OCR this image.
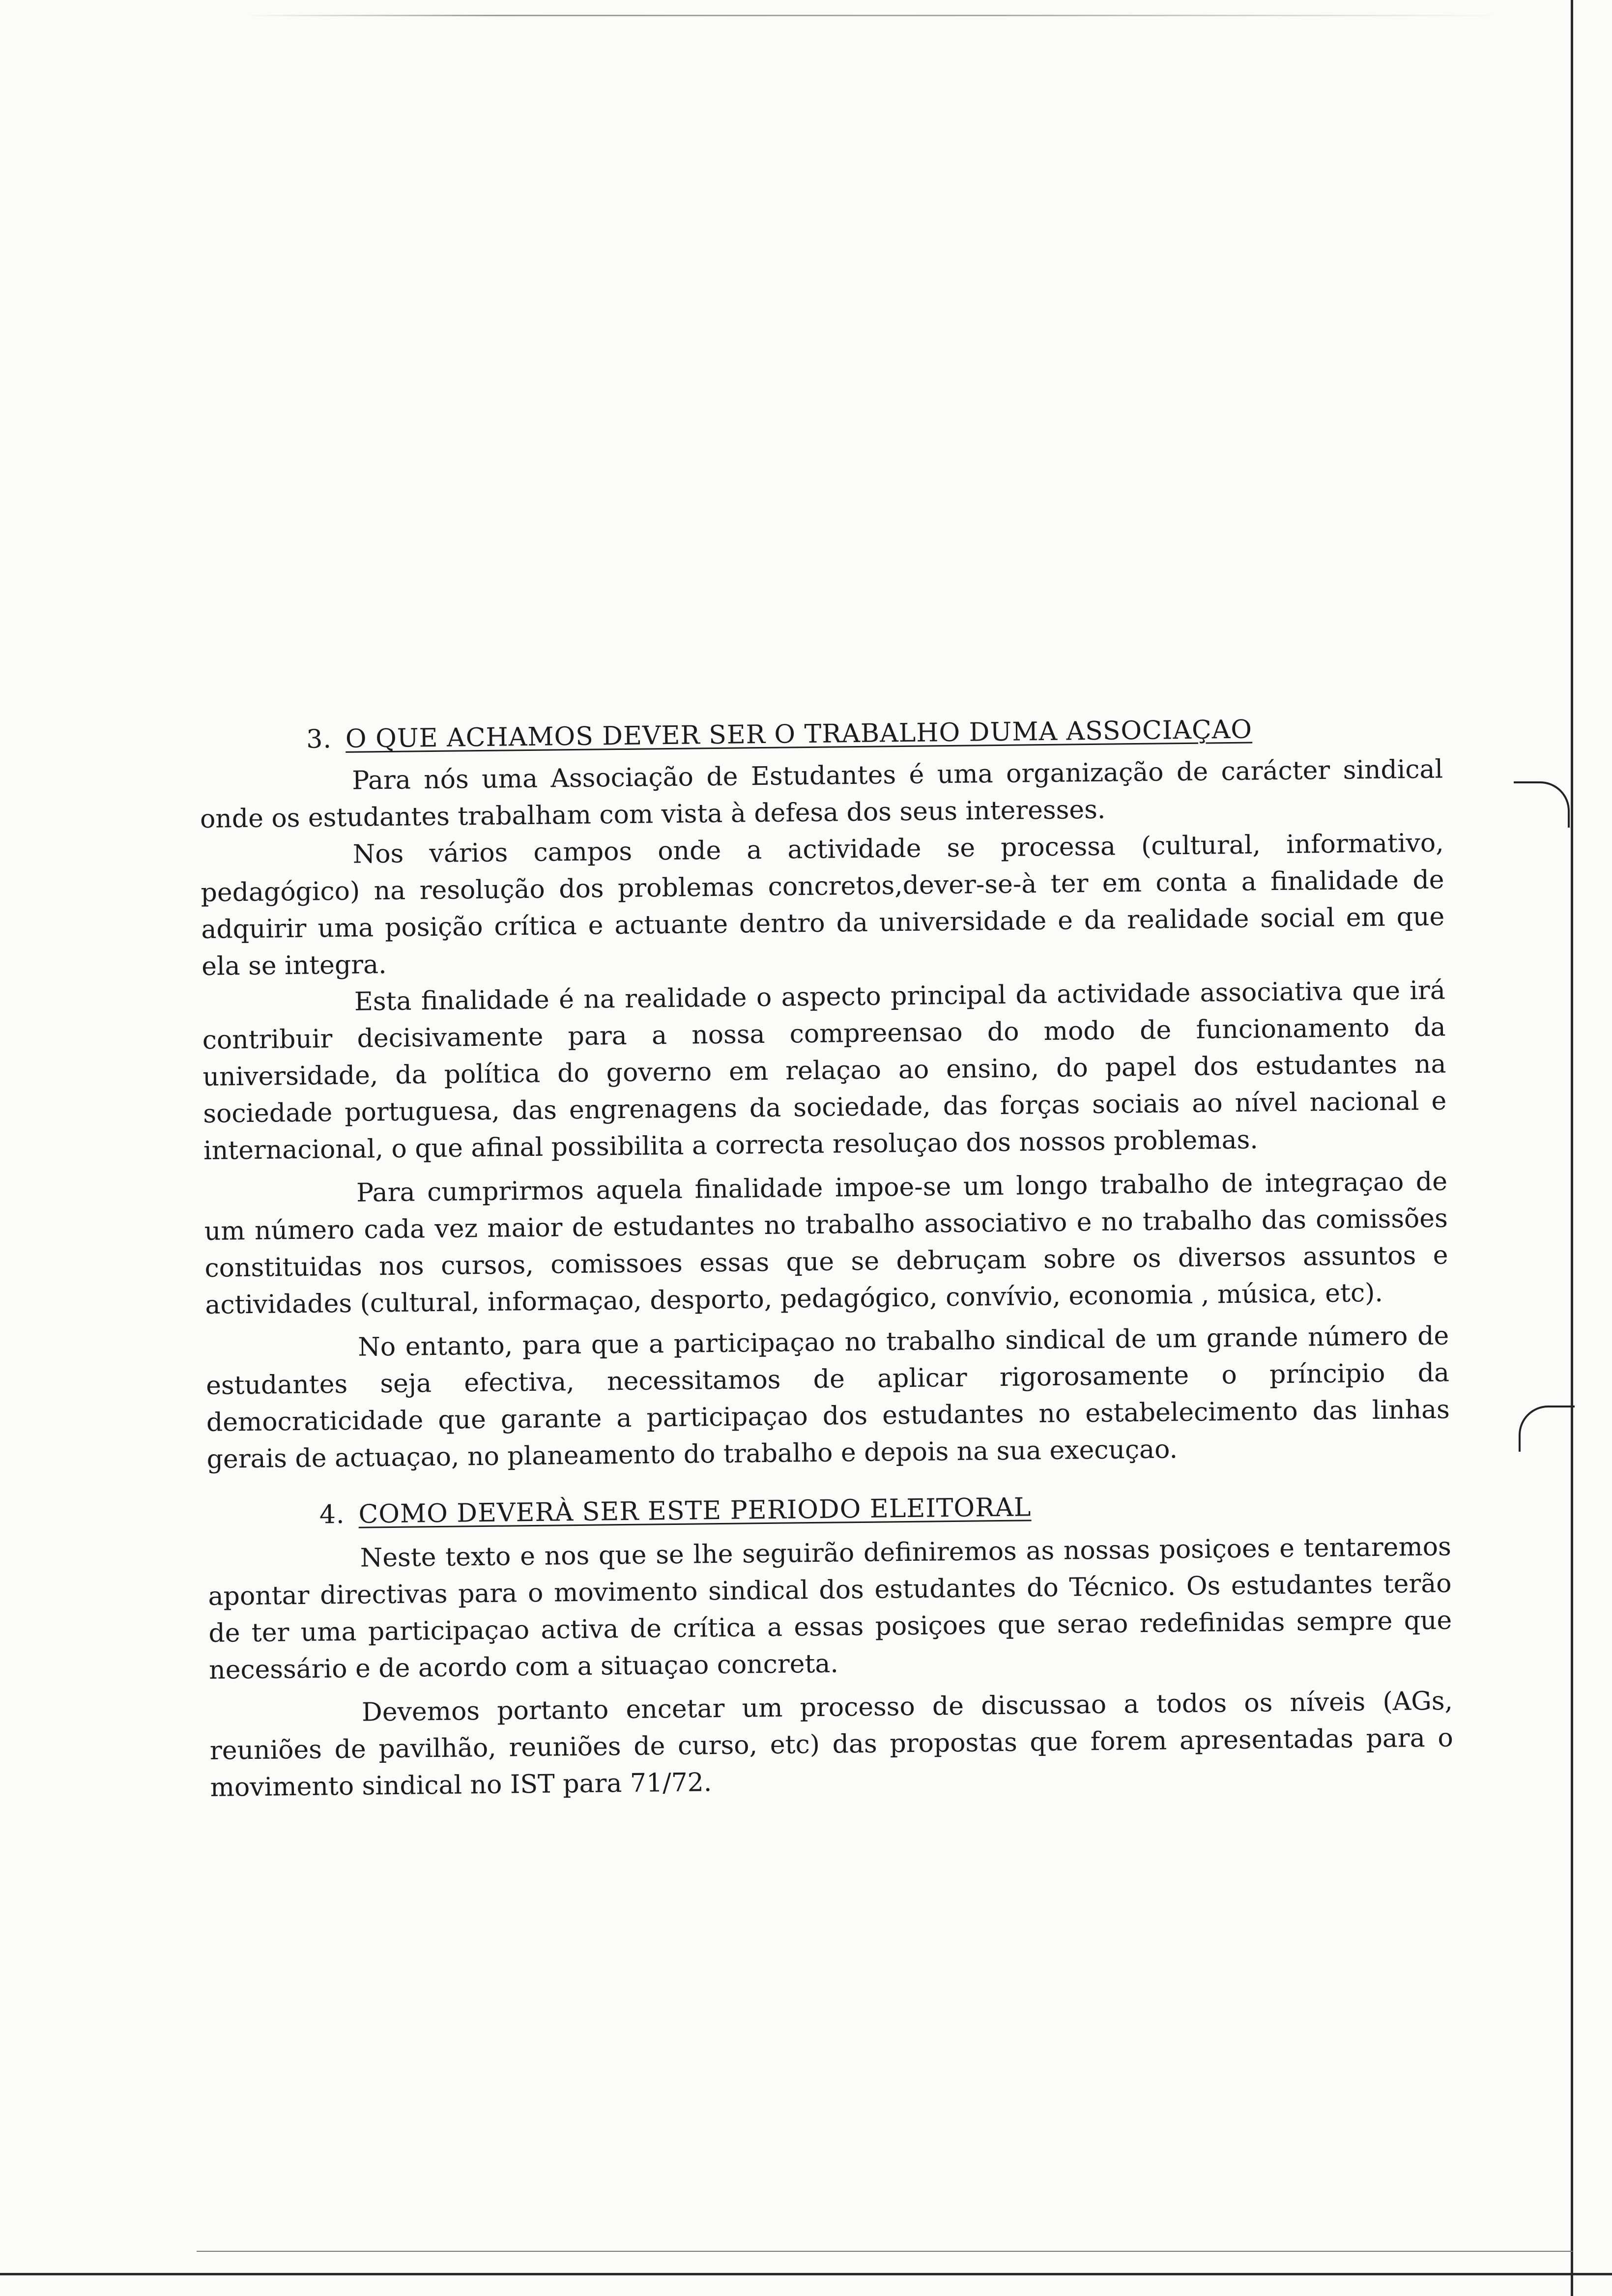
3. O QUE ACHAMOS DEVER SER O TRABALHO DUMA ASSOCIAÇAO

Para nós uma Associação de Estudantes é uma organização de carácter sindical onde os estudantes trabalham com vista à defesa dos seus interesses.

Nos vários campos onde a actividade se processa (cultural, informativo, pedagógico) na resolução dos problemas concretos,dever-se-à ter em conta a finalidade de adquirir uma posição crítica e actuante dentro da universidade e da realidade social em que ela se integra.

Esta finalidade é na realidade o aspecto principal da actividade associativa que irá contribuir decisivamente para a nossa compreensao do modo de funcionamento da universidade, da política do governo em relaçao ao ensino, do papel dos estudantes na sociedade portuguesa, das engrenagens da sociedade, das forças sociais ao nível nacional e internacional, o que afinal possibilita a correcta resoluçao dos nossos problemas.

Para cumprirmos aquela finalidade impoe-se um longo trabalho de integraçao de um número cada vez maior de estudantes no trabalho associativo e no trabalho das comissões constituidas nos cursos, comissoes essas que se debruçam sobre os diversos assuntos e actividades (cultural, informaçao, desporto, pedagógico, convívio, economia , música, etc).

No entanto, para que a participaçao no trabalho sindical de um grande número de estudantes seja efectiva, necessitamos de aplicar rigorosamente o príncipio da democraticidade que garante a participaçao dos estudantes no estabelecimento das linhas gerais de actuaçao, no planeamento do trabalho e depois na sua execuçao.

4. COMO DEVERÀ SER ESTE PERIODO ELEITORAL

Neste texto e nos que se lhe seguirão definiremos as nossas posiçoes e tentaremos apontar directivas para o movimento sindical dos estudantes do Técnico. Os estudantes terão de ter uma participaçao activa de crítica a essas posiçoes que serao redefinidas sempre que necessário e de acordo com a situaçao concreta.

Devemos portanto encetar um processo de discussao a todos os níveis (AGs, reuniões de pavilhão, reuniões de curso, etc) das propostas que forem apresentadas para o movimento sindical no IST para 71/72.
